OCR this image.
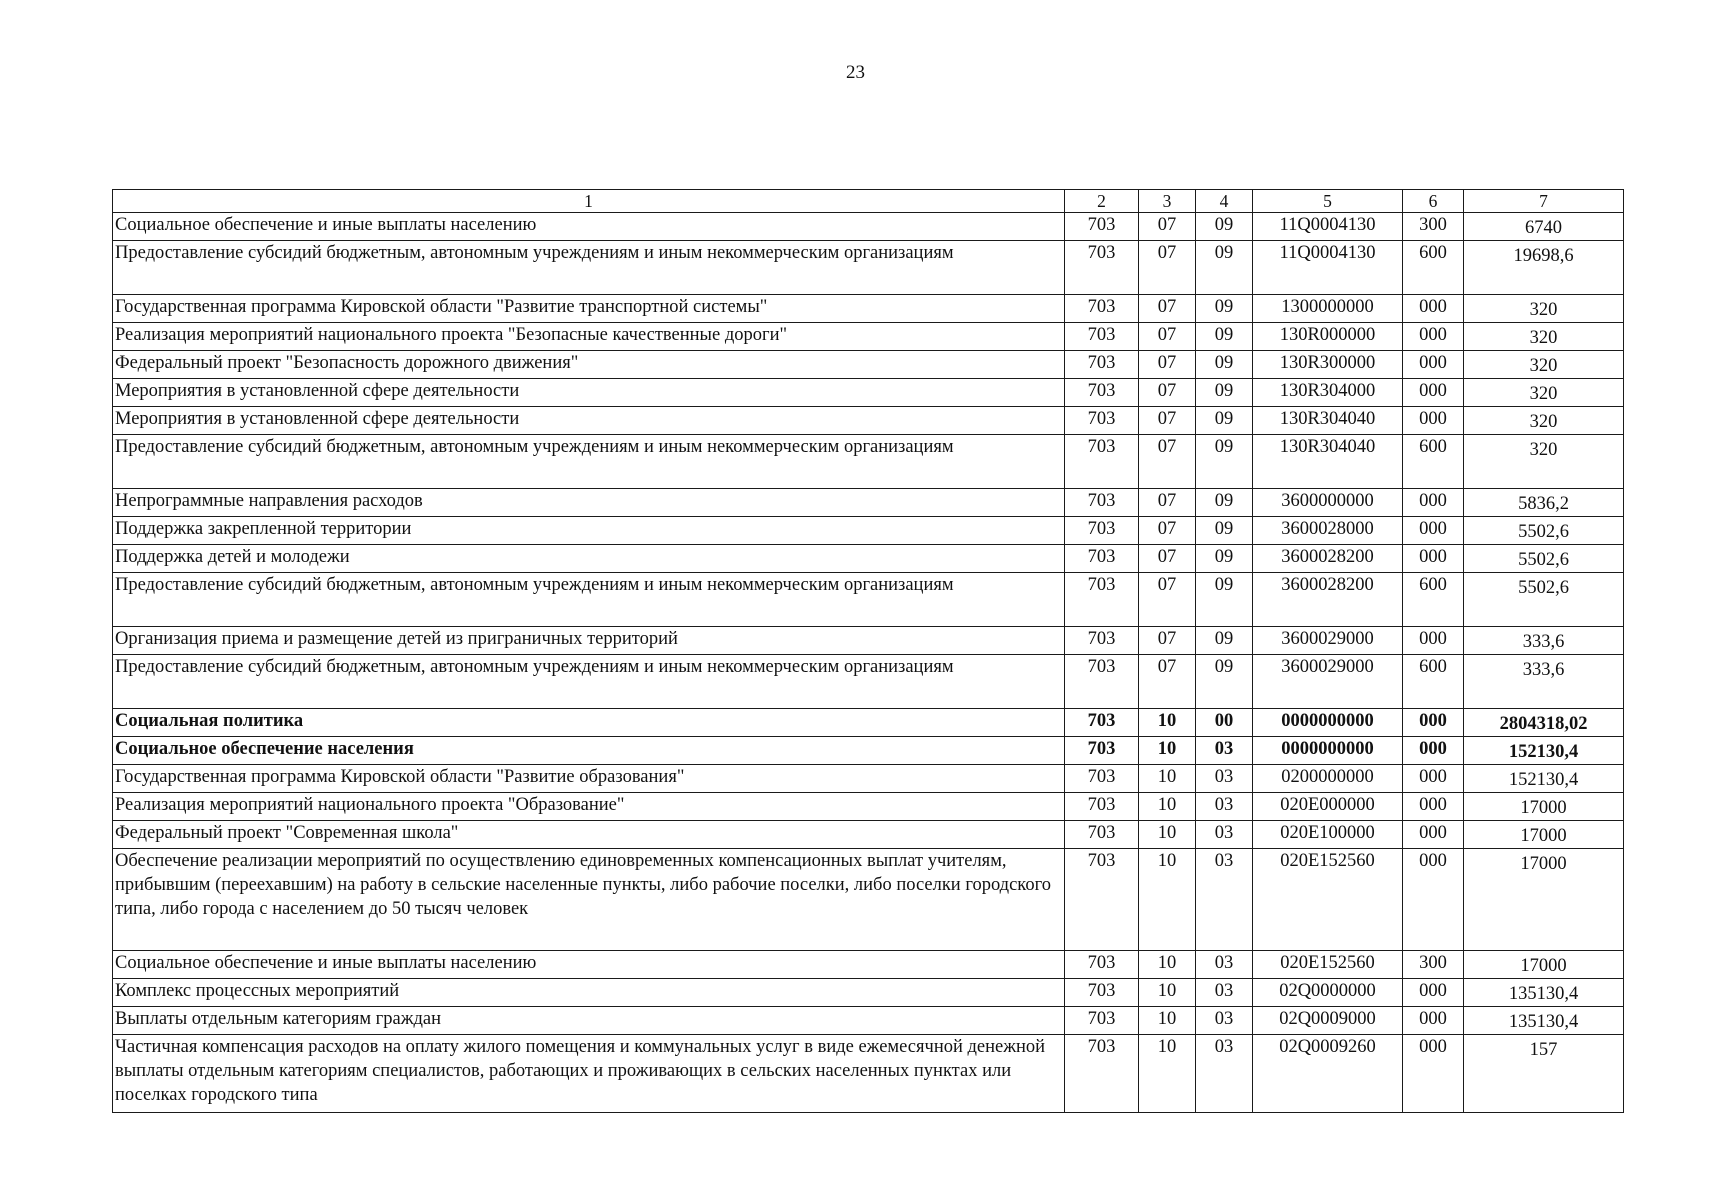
23
1	2	3	4	5	6	7
Социальное обеспечение и иные выплаты населению	703	07	09	11Q0004130	300	6740
Предоставление субсидий бюджетным, автономным учреждениям и иным некоммерческим организациям	703	07	09	11Q0004130	600	19698,6
Государственная программа Кировской области "Развитие транспортной системы"	703	07	09	1300000000	000	320
Реализация мероприятий национального проекта "Безопасные качественные дороги"	703	07	09	130R000000	000	320
Федеральный проект "Безопасность дорожного движения"	703	07	09	130R300000	000	320
Мероприятия в установленной сфере деятельности	703	07	09	130R304000	000	320
Мероприятия в установленной сфере деятельности	703	07	09	130R304040	000	320
Предоставление субсидий бюджетным, автономным учреждениям и иным некоммерческим организациям	703	07	09	130R304040	600	320
Непрограммные направления расходов	703	07	09	3600000000	000	5836,2
Поддержка закрепленной территории	703	07	09	3600028000	000	5502,6
Поддержка детей и молодежи	703	07	09	3600028200	000	5502,6
Предоставление субсидий бюджетным, автономным учреждениям и иным некоммерческим организациям	703	07	09	3600028200	600	5502,6
Организация приема и размещение детей из приграничных территорий	703	07	09	3600029000	000	333,6
Предоставление субсидий бюджетным, автономным учреждениям и иным некоммерческим организациям	703	07	09	3600029000	600	333,6
Социальная политика	703	10	00	0000000000	000	2804318,02
Социальное обеспечение населения	703	10	03	0000000000	000	152130,4
Государственная программа Кировской области "Развитие образования"	703	10	03	0200000000	000	152130,4
Реализация мероприятий национального проекта "Образование"	703	10	03	020E000000	000	17000
Федеральный проект "Современная школа"	703	10	03	020E100000	000	17000
Обеспечение реализации мероприятий по осуществлению единовременных компенсационных выплат учителям, прибывшим (переехавшим) на работу в сельские населенные пункты, либо рабочие поселки, либо поселки городского типа, либо города с населением до 50 тысяч человек	703	10	03	020E152560	000	17000
Социальное обеспечение и иные выплаты населению	703	10	03	020E152560	300	17000
Комплекс процессных мероприятий	703	10	03	02Q0000000	000	135130,4
Выплаты отдельным категориям граждан	703	10	03	02Q0009000	000	135130,4
Частичная компенсация расходов на оплату жилого помещения и коммунальных услуг в виде ежемесячной денежной выплаты отдельным категориям специалистов, работающих и проживающих в сельских населенных пунктах или поселках городского типа	703	10	03	02Q0009260	000	157
